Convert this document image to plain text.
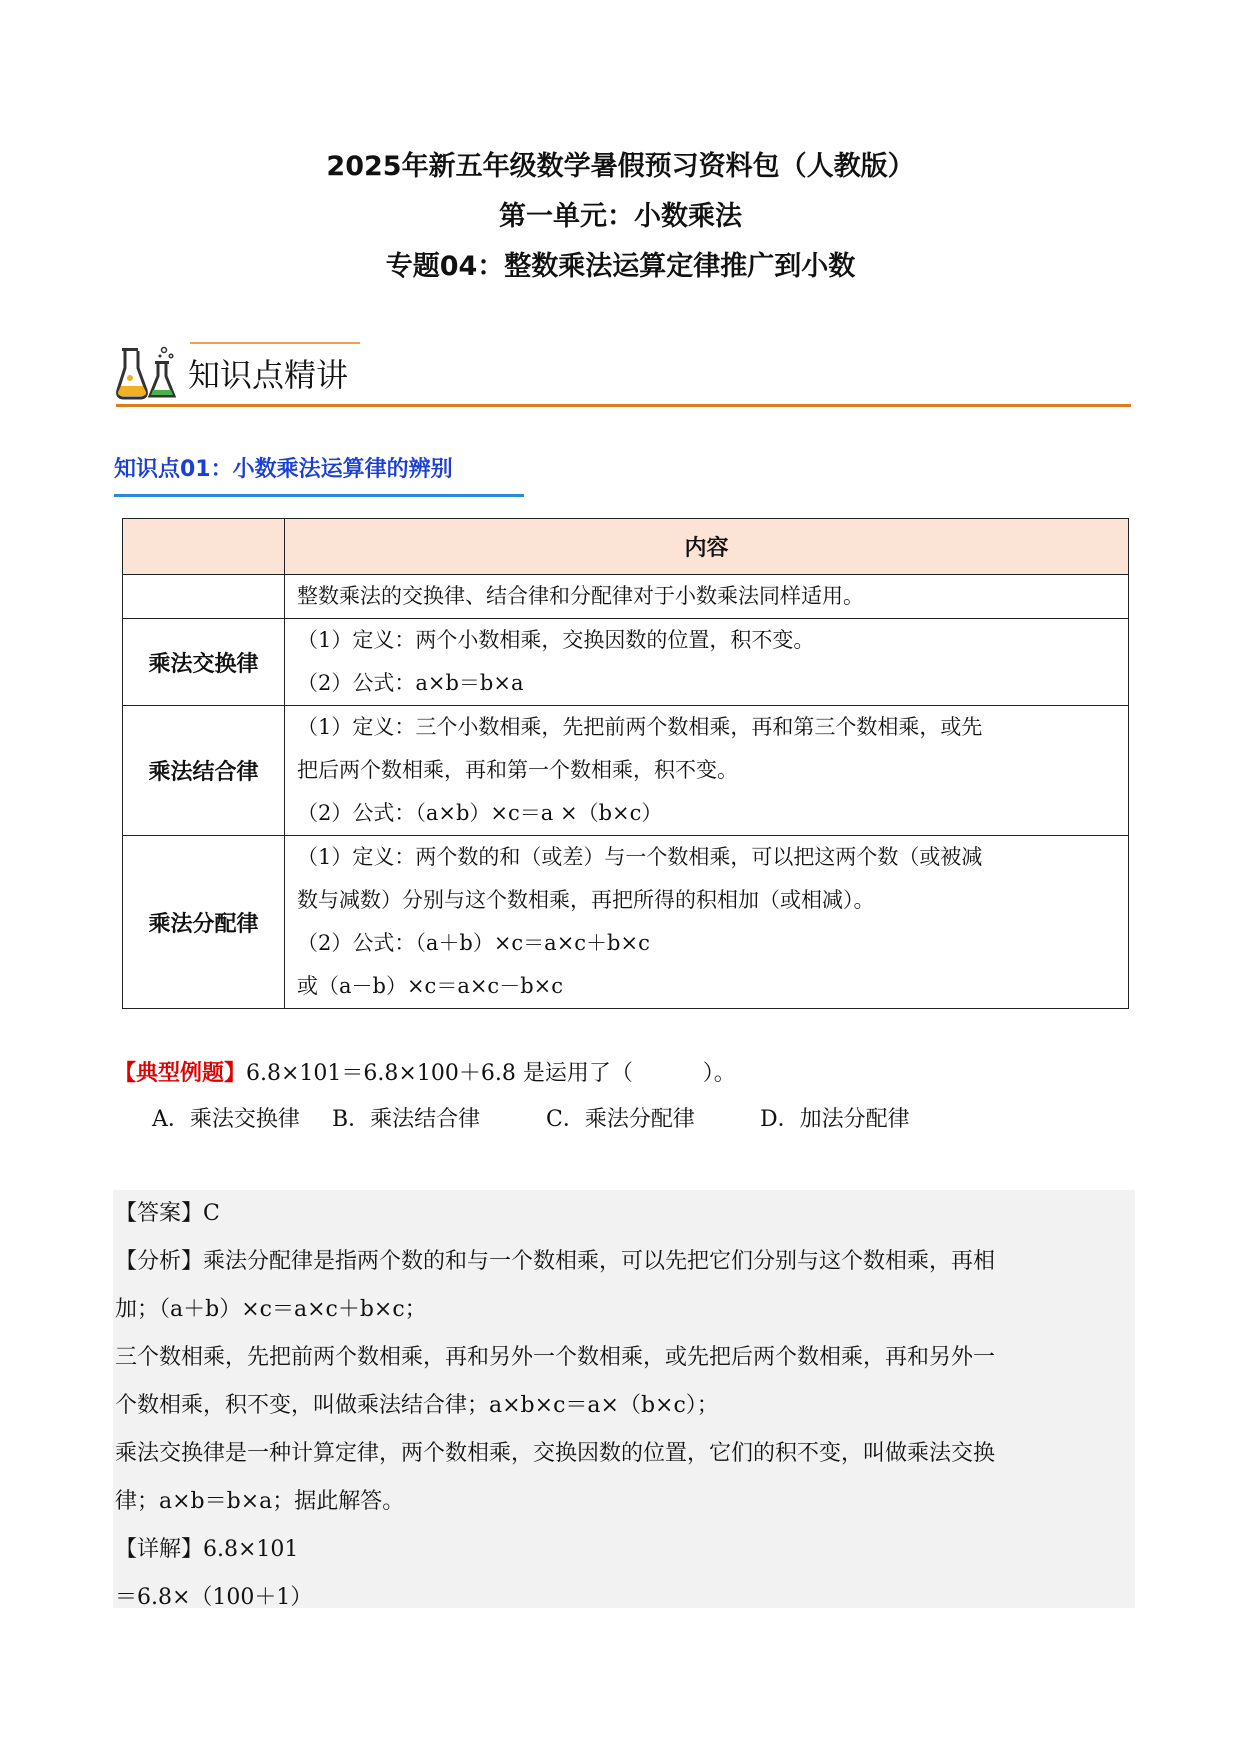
2025年新五年级数学暑假预习资料包（人教版）
第一单元：小数乘法
专题04：整数乘法运算定律推广到小数
知识点精讲
知识点01：小数乘法运算律的辨别
	内容

	整数乘法的交换律、结合律和分配律对于小数乘法同样适用。

乘法交换律	（1）定义：两个小数相乘，交换因数的位置，积不变。
（2）公式：a×b＝b×a

乘法结合律	（1）定义：三个小数相乘，先把前两个数相乘，再和第三个数相乘，或先
把后两个数相乘，再和第一个数相乘，积不变。
（2）公式：（a×b）×c＝a ×（b×c）

乘法分配律	（1）定义：两个数的和（或差）与一个数相乘，可以把这两个数（或被减
数与减数）分别与这个数相乘，再把所得的积相加（或相减）。
（2）公式：（a＋b）×c＝a×c＋b×c
或（a－b）×c＝a×c－b×c
【典型例题】6.8×101＝6.8×100＋6.8 是运用了（          ）。
A．乘法交换律 B．乘法结合律	C．乘法分配律	D．加法分配律
【答案】C
【分析】乘法分配律是指两个数的和与一个数相乘，可以先把它们分别与这个数相乘，再相
加；（a＋b）×c＝a×c＋b×c；
三个数相乘，先把前两个数相乘，再和另外一个数相乘，或先把后两个数相乘，再和另外一
个数相乘，积不变，叫做乘法结合律；a×b×c＝a×（b×c）；
乘法交换律是一种计算定律，两个数相乘，交换因数的位置，它们的积不变，叫做乘法交换
律；a×b＝b×a；据此解答。
【详解】6.8×101
＝6.8×（100＋1）
